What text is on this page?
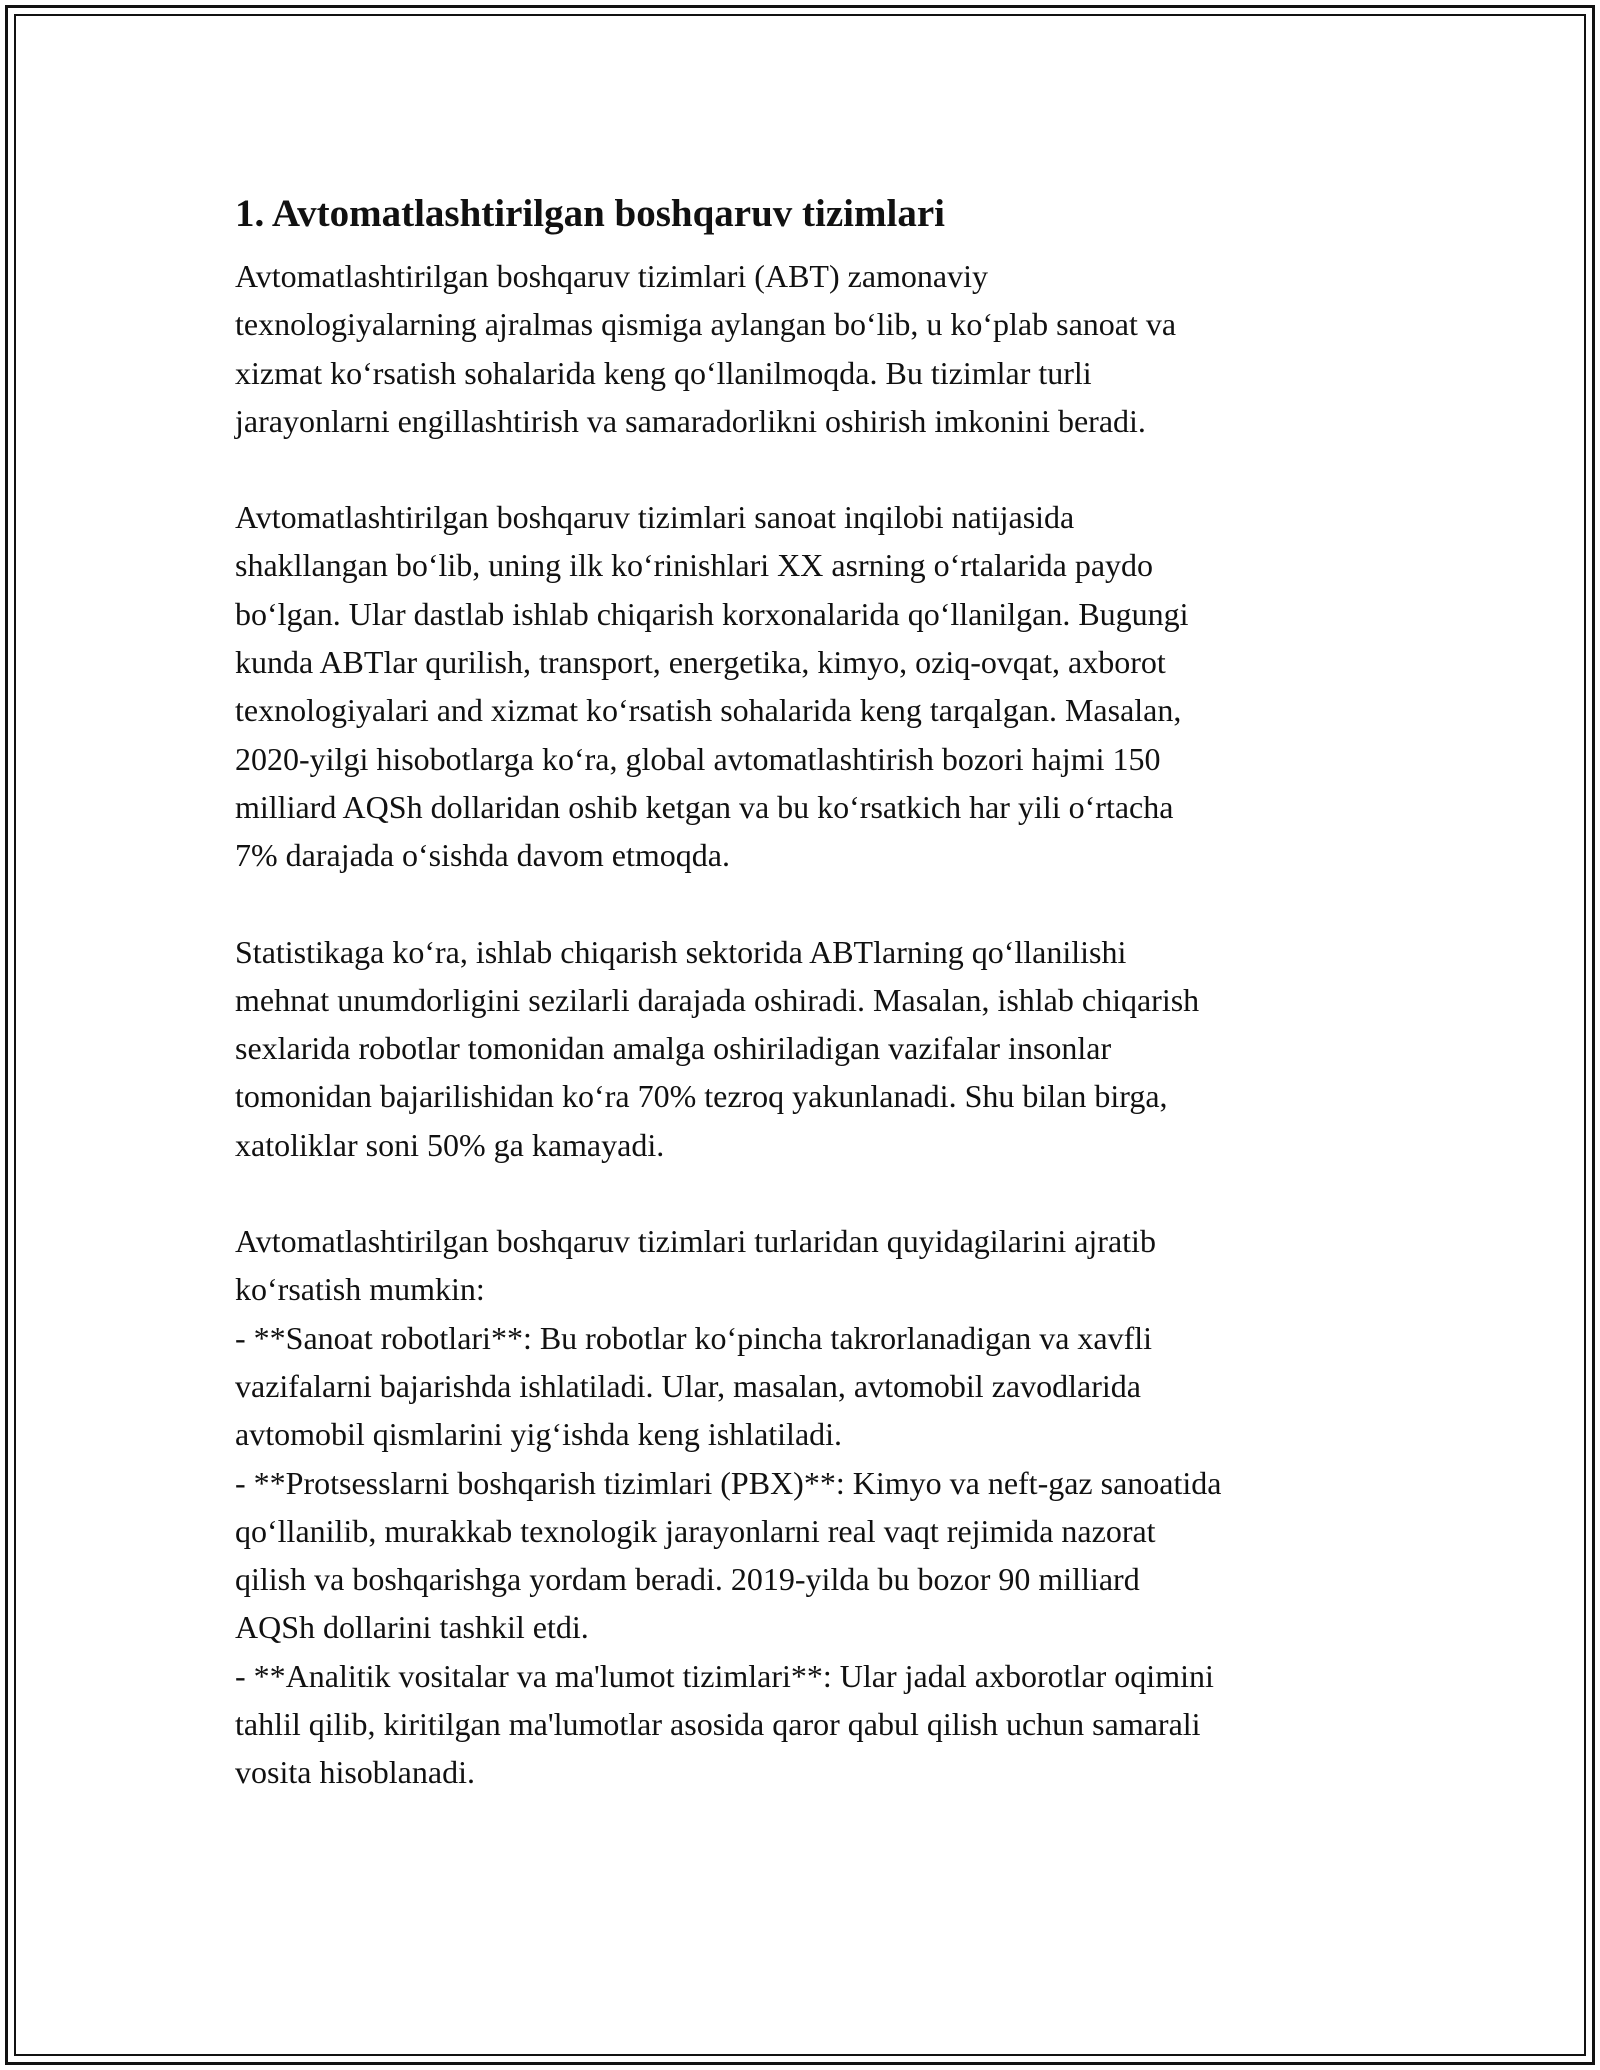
1. Avtomatlashtirilgan boshqaruv tizimlari

Avtomatlashtirilgan boshqaruv tizimlari (ABT) zamonaviy
texnologiyalarning ajralmas qismiga aylangan boʻlib, u koʻplab sanoat va
xizmat koʻrsatish sohalarida keng qoʻllanilmoqda. Bu tizimlar turli
jarayonlarni engillashtirish va samaradorlikni oshirish imkonini beradi.

Avtomatlashtirilgan boshqaruv tizimlari sanoat inqilobi natijasida
shakllangan boʻlib, uning ilk koʻrinishlari XX asrning oʻrtalarida paydo
boʻlgan. Ular dastlab ishlab chiqarish korxonalarida qoʻllanilgan. Bugungi
kunda ABTlar qurilish, transport, energetika, kimyo, oziq-ovqat, axborot
texnologiyalari and xizmat koʻrsatish sohalarida keng tarqalgan. Masalan,
2020-yilgi hisobotlarga koʻra, global avtomatlashtirish bozori hajmi 150
milliard AQSh dollaridan oshib ketgan va bu koʻrsatkich har yili oʻrtacha
7% darajada oʻsishda davom etmoqda.

Statistikaga koʻra, ishlab chiqarish sektorida ABTlarning qoʻllanilishi
mehnat unumdorligini sezilarli darajada oshiradi. Masalan, ishlab chiqarish
sexlarida robotlar tomonidan amalga oshiriladigan vazifalar insonlar
tomonidan bajarilishidan koʻra 70% tezroq yakunlanadi. Shu bilan birga,
xatoliklar soni 50% ga kamayadi.

Avtomatlashtirilgan boshqaruv tizimlari turlaridan quyidagilarini ajratib
koʻrsatish mumkin:
- **Sanoat robotlari**: Bu robotlar koʻpincha takrorlanadigan va xavfli
vazifalarni bajarishda ishlatiladi. Ular, masalan, avtomobil zavodlarida
avtomobil qismlarini yigʻishda keng ishlatiladi.
- **Protsesslarni boshqarish tizimlari (PBX)**: Kimyo va neft-gaz sanoatida
qoʻllanilib, murakkab texnologik jarayonlarni real vaqt rejimida nazorat
qilish va boshqarishga yordam beradi. 2019-yilda bu bozor 90 milliard
AQSh dollarini tashkil etdi.
- **Analitik vositalar va ma'lumot tizimlari**: Ular jadal axborotlar oqimini
tahlil qilib, kiritilgan ma'lumotlar asosida qaror qabul qilish uchun samarali
vosita hisoblanadi.
